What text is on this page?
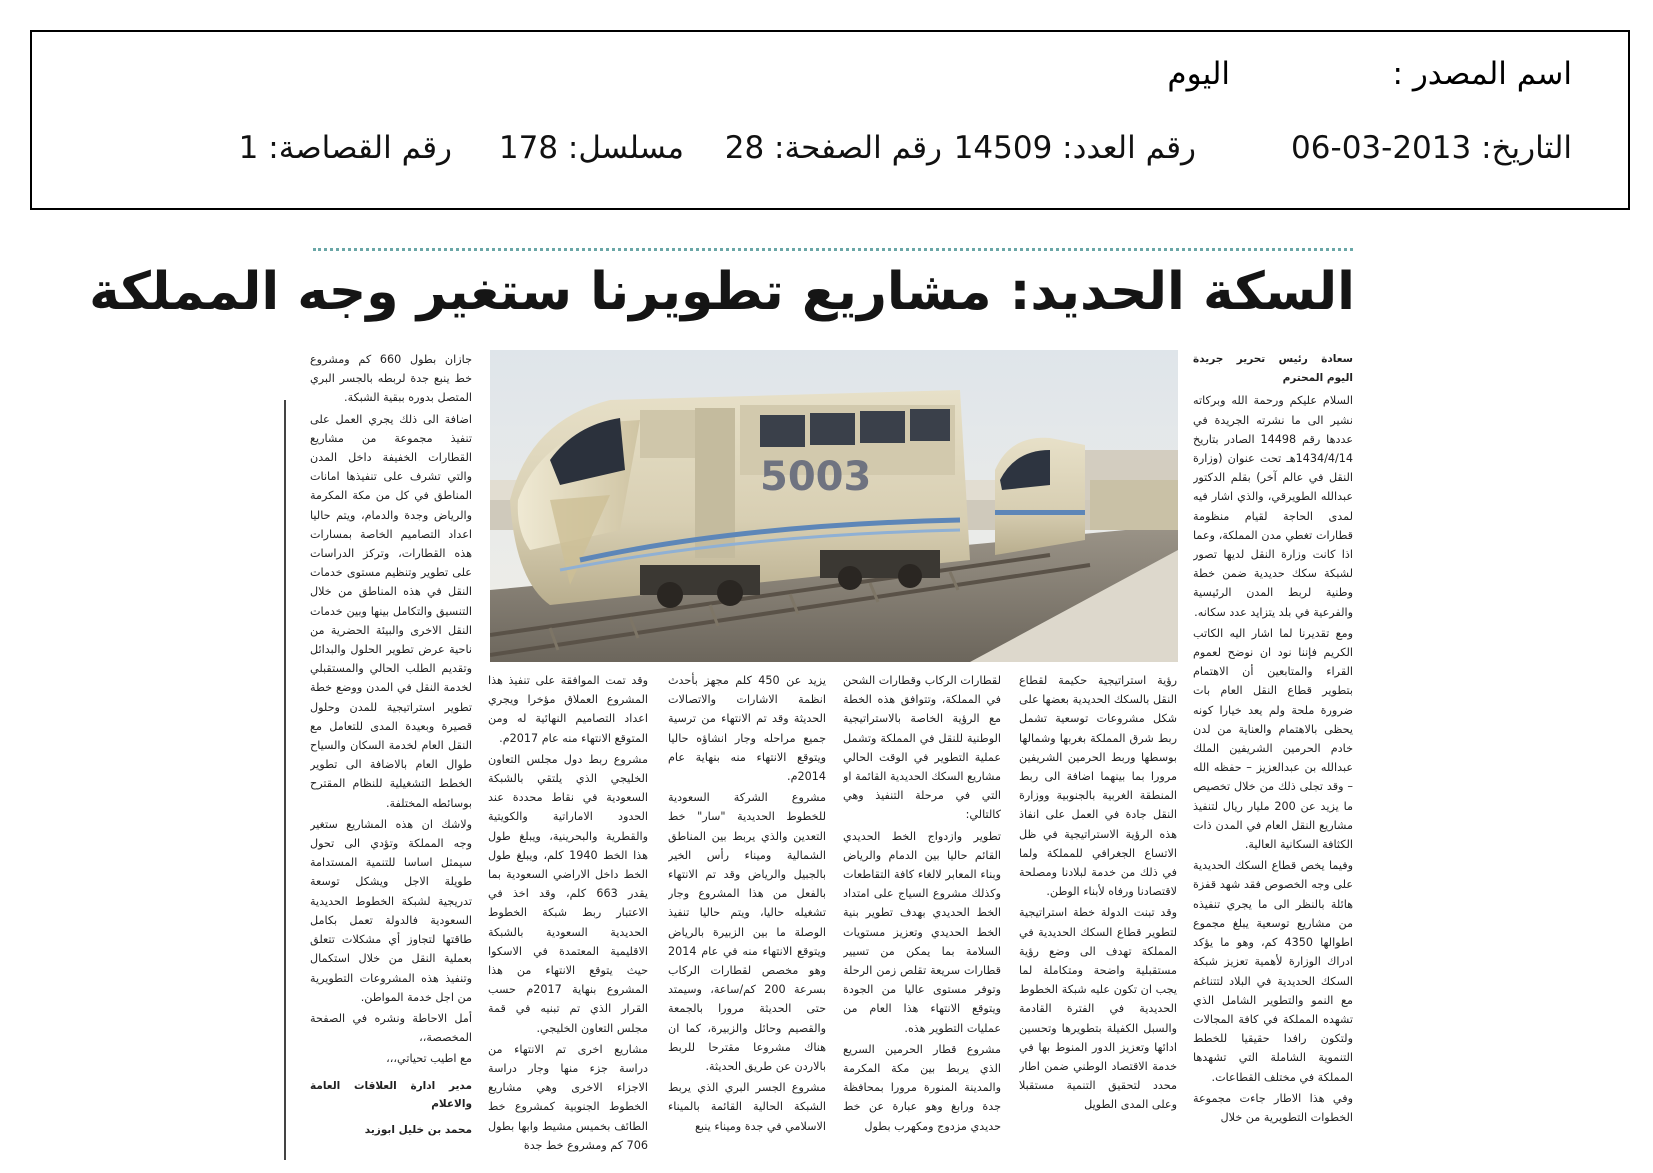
اسم المصدر :
اليوم
التاريخ: 2013-03-06
رقم العدد: 14509
رقم الصفحة: 28
مسلسل: 178
رقم القصاصة: 1
السكة الحديد: مشاريع تطويرنا ستغير وجه المملكة
سعادة رئيس تحرير جريدة اليوم المحترم

السلام عليكم ورحمة الله وبركاته نشير الى ما نشرته الجريدة في عددها رقم 14498 الصادر بتاريخ 1434/4/14هـ تحت عنوان (وزارة النقل في عالم آخر) بقلم الدكتور عبدالله الطويرقي، والذي اشار فيه لمدى الحاجة لقيام منظومة قطارات تغطي مدن المملكة، وعما اذا كانت وزارة النقل لديها تصور لشبكة سكك حديدية ضمن خطة وطنية لربط المدن الرئيسية والفرعية في بلد يتزايد عدد سكانه.

ومع تقديرنا لما اشار اليه الكاتب الكريم فإننا نود ان نوضح لعموم القراء والمتابعين أن الاهتمام بتطوير قطاع النقل العام بات ضرورة ملحة ولم يعد خيارا كونه يحظى بالاهتمام والعناية من لدن خادم الحرمين الشريفين الملك عبدالله بن عبدالعزيز – حفظه الله – وقد تجلى ذلك من خلال تخصيص ما يزيد عن 200 مليار ريال لتنفيذ مشاريع النقل العام في المدن ذات الكثافة السكانية العالية.

وفيما يخص قطاع السكك الحديدية على وجه الخصوص فقد شهد قفزة هائلة بالنظر الى ما يجري تنفيذه من مشاريع توسعية يبلغ مجموع اطوالها 4350 كم، وهو ما يؤكد ادراك الوزارة لأهمية تعزيز شبكة السكك الحديدية في البلاد لتتناغم مع النمو والتطوير الشامل الذي تشهده المملكة في كافة المجالات ولتكون رافدا حقيقيا للخطط التنموية الشاملة التي تشهدها المملكة في مختلف القطاعات.

وفي هذا الاطار جاءت مجموعة الخطوات التطويرية من خلال

5003

رؤية استراتيجية حكيمة لقطاع النقل بالسكك الحديدية بعضها على شكل مشروعات توسعية تشمل ربط شرق المملكة بغربها وشمالها بوسطها وربط الحرمين الشريفين مرورا بما بينهما اضافة الى ربط المنطقة الغربية بالجنوبية ووزارة النقل جادة في العمل على انفاذ هذه الرؤية الاستراتيجية في ظل الاتساع الجغرافي للمملكة ولما في ذلك من خدمة لبلادنا ومصلحة لاقتصادنا ورفاه لأبناء الوطن.

وقد تبنت الدولة خطة استراتيجية لتطوير قطاع السكك الحديدية في المملكة تهدف الى وضع رؤية مستقبلية واضحة ومتكاملة لما يجب ان تكون عليه شبكة الخطوط الحديدية في الفترة القادمة والسبل الكفيلة بتطويرها وتحسين ادائها وتعزيز الدور المنوط بها في خدمة الاقتصاد الوطني ضمن اطار محدد لتحقيق التنمية مستقبلا وعلى المدى الطويل

لقطارات الركاب وقطارات الشحن في المملكة، وتتوافق هذه الخطة مع الرؤية الخاصة بالاستراتيجية الوطنية للنقل في المملكة وتشمل عملية التطوير في الوقت الحالي مشاريع السكك الحديدية القائمة او التي في مرحلة التنفيذ وهي كالتالي:

تطوير وازدواج الخط الحديدي القائم حاليا بين الدمام والرياض وبناء المعابر لالغاء كافة التقاطعات وكذلك مشروع السياج على امتداد الخط الحديدي بهدف تطوير بنية الخط الحديدي وتعزيز مستويات السلامة بما يمكن من تسيير قطارات سريعة تقلص زمن الرحلة وتوفر مستوى عاليا من الجودة ويتوقع الانتهاء هذا العام من عمليات التطوير هذه.

مشروع قطار الحرمين السريع الذي يربط بين مكة المكرمة والمدينة المنورة مرورا بمحافظة جدة ورابغ وهو عبارة عن خط حديدي مزدوج ومكهرب بطول

يزيد عن 450 كلم مجهز بأحدث انظمة الاشارات والاتصالات الحديثة وقد تم الانتهاء من ترسية جميع مراحله وجار انشاؤه حاليا ويتوقع الانتهاء منه بنهاية عام 2014م.

مشروع الشركة السعودية للخطوط الحديدية "سار" خط التعدين والذي يربط بين المناطق الشمالية وميناء رأس الخير بالجبيل والرياض وقد تم الانتهاء بالفعل من هذا المشروع وجار تشغيله حاليا، ويتم حاليا تنفيذ الوصلة ما بين الزبيرة بالرياض ويتوقع الانتهاء منه في عام 2014 وهو مخصص لقطارات الركاب بسرعة 200 كم/ساعة، وسيمتد حتى الحديثة مرورا بالجمعة والقصيم وحائل والزبيرة، كما ان هناك مشروعا مقترحا للربط بالاردن عن طريق الحديثة.

مشروع الجسر البري الذي يربط الشبكة الحالية القائمة بالميناء الاسلامي في جدة وميناء ينبع

وقد تمت الموافقة على تنفيذ هذا المشروع العملاق مؤخرا ويجري اعداد التصاميم النهائية له ومن المتوقع الانتهاء منه عام 2017م.

مشروع ربط دول مجلس التعاون الخليجي الذي يلتقي بالشبكة السعودية في نقاط محددة عند الحدود الاماراتية والكويتية والقطرية والبحرينية، ويبلغ طول هذا الخط 1940 كلم، ويبلغ طول الخط داخل الاراضي السعودية بما يقدر 663 كلم، وقد اخذ في الاعتبار ربط شبكة الخطوط الحديدية السعودية بالشبكة الاقليمية المعتمدة في الاسكوا حيث يتوقع الانتهاء من هذا المشروع بنهاية 2017م حسب القرار الذي تم تبنيه في قمة مجلس التعاون الخليجي.

مشاريع اخرى تم الانتهاء من دراسة جزء منها وجار دراسة الاجزاء الاخرى وهي مشاريع الخطوط الجنوبية كمشروع خط الطائف بخميس مشيط وابها بطول 706 كم ومشروع خط جدة

جازان بطول 660 كم ومشروع خط ينبع جدة لربطه بالجسر البري المتصل بدوره ببقية الشبكة.

اضافة الى ذلك يجري العمل على تنفيذ مجموعة من مشاريع القطارات الخفيفة داخل المدن والتي تشرف على تنفيذها امانات المناطق في كل من مكة المكرمة والرياض وجدة والدمام، ويتم حاليا اعداد التصاميم الخاصة بمسارات هذه القطارات، وتركز الدراسات على تطوير وتنظيم مستوى خدمات النقل في هذه المناطق من خلال التنسيق والتكامل بينها وبين خدمات النقل الاخرى والبيئة الحضرية من ناحية عرض تطوير الحلول والبدائل وتقديم الطلب الحالي والمستقبلي لخدمة النقل في المدن ووضع خطة تطوير استراتيجية للمدن وحلول قصيرة وبعيدة المدى للتعامل مع النقل العام لخدمة السكان والسياح طوال العام بالاضافة الى تطوير الخطط التشغيلية للنظام المقترح بوسائطه المختلفة.

ولاشك ان هذه المشاريع ستغير وجه المملكة وتؤدي الى تحول سيمثل اساسا للتنمية المستدامة طويلة الاجل ويشكل توسعة تدريجية لشبكة الخطوط الحديدية السعودية فالدولة تعمل بكامل طاقتها لتجاوز أي مشكلات تتعلق بعملية النقل من خلال استكمال وتنفيذ هذه المشروعات التطويرية من اجل خدمة المواطن.

أمل الاحاطة ونشره في الصفحة المخصصة،،

مع اطيب تحياتي،،،

مدير ادارة العلاقات العامة والاعلام
محمد بن خليل ابوزيد
